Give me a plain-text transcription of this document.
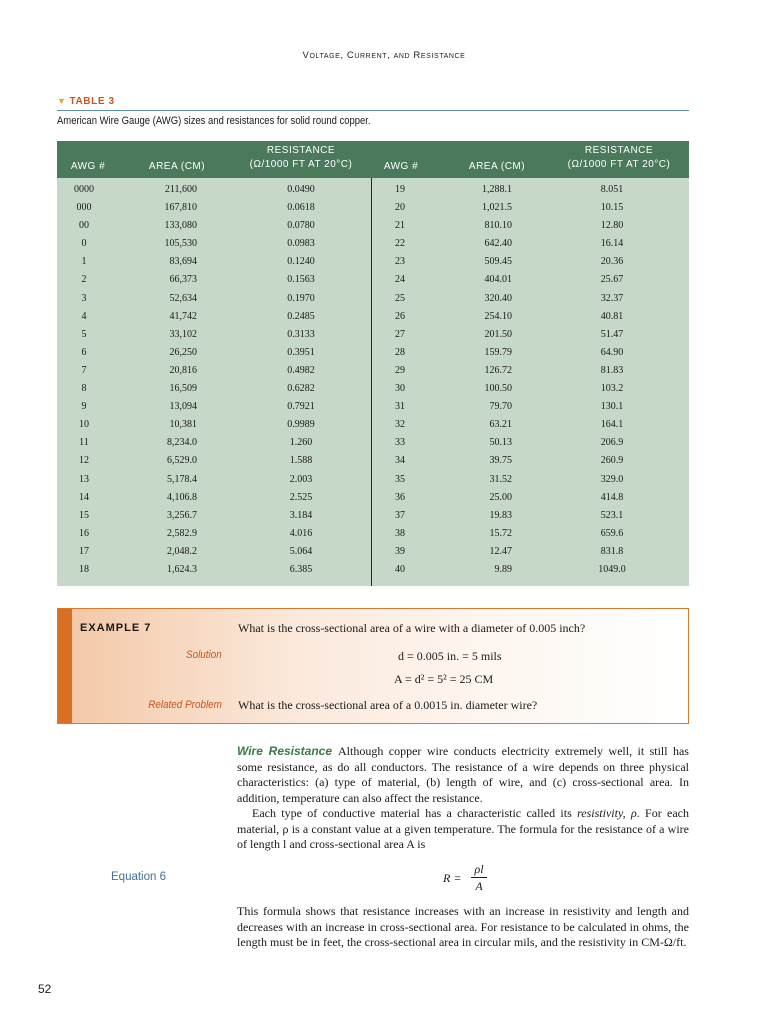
Voltage, Current, and Resistance
▼ TABLE 3
American Wire Gauge (AWG) sizes and resistances for solid round copper.
AWG #	AREA (CM)
RESISTANCE
(Ω/1000 FT AT 20°C)	AWG #	AREA (CM)
RESISTANCE
(Ω/1000 FT AT 20°C)
0000	211,600	0.0490	19	1,288.1	8.051
000	167,810	0.0618	20	1,021.5	10.15
00	133,080	0.0780	21	810.10	12.80
0	105,530	0.0983	22	642.40	16.14
1	83,694	0.1240	23	509.45	20.36
2	66,373	0.1563	24	404.01	25.67
3	52,634	0.1970	25	320.40	32.37
4	41,742	0.2485	26	254.10	40.81
5	33,102	0.3133	27	201.50	51.47
6	26,250	0.3951	28	159.79	64.90
7	20,816	0.4982	29	126.72	81.83
8	16,509	0.6282	30	100.50	103.2
9	13,094	0.7921	31	79.70	130.1
10	10,381	0.9989	32	63.21	164.1
11	8,234.0	1.260	33	50.13	206.9
12	6,529.0	1.588	34	39.75	260.9
13	5,178.4	2.003	35	31.52	329.0
14	4,106.8	2.525	36	25.00	414.8
15	3,256.7	3.184	37	19.83	523.1
16	2,582.9	4.016	38	15.72	659.6
17	2,048.2	5.064	39	12.47	831.8
18	1,624.3	6.385	40	9.89	1049.0
EXAMPLE 7	What is the cross-sectional area of a wire with a diameter of 0.005 inch?
Solution	d = 0.005 in. = 5 mils
A = d² = 5² = 25 CM
Related Problem What is the cross-sectional area of a 0.0015 in. diameter wire?
Wire Resistance Although copper wire conducts electricity extremely well, it still has some resistance, as do all conductors. The resistance of a wire depends on three physical characteristics: (a) type of material, (b) length of wire, and (c) cross-sectional area. In addition, temperature can also affect the resistance.
Each type of conductive material has a characteristic called its resistivity, ρ. For each material, ρ is a constant value at a given temperature. The formula for the resistance of a wire of length l and cross-sectional area A is
Equation 6	R =
ρl
A
This formula shows that resistance increases with an increase in resistivity and length and decreases with an increase in cross-sectional area. For resistance to be calculated in ohms, the length must be in feet, the cross-sectional area in circular mils, and the resistivity in CM-Ω/ft.
52
